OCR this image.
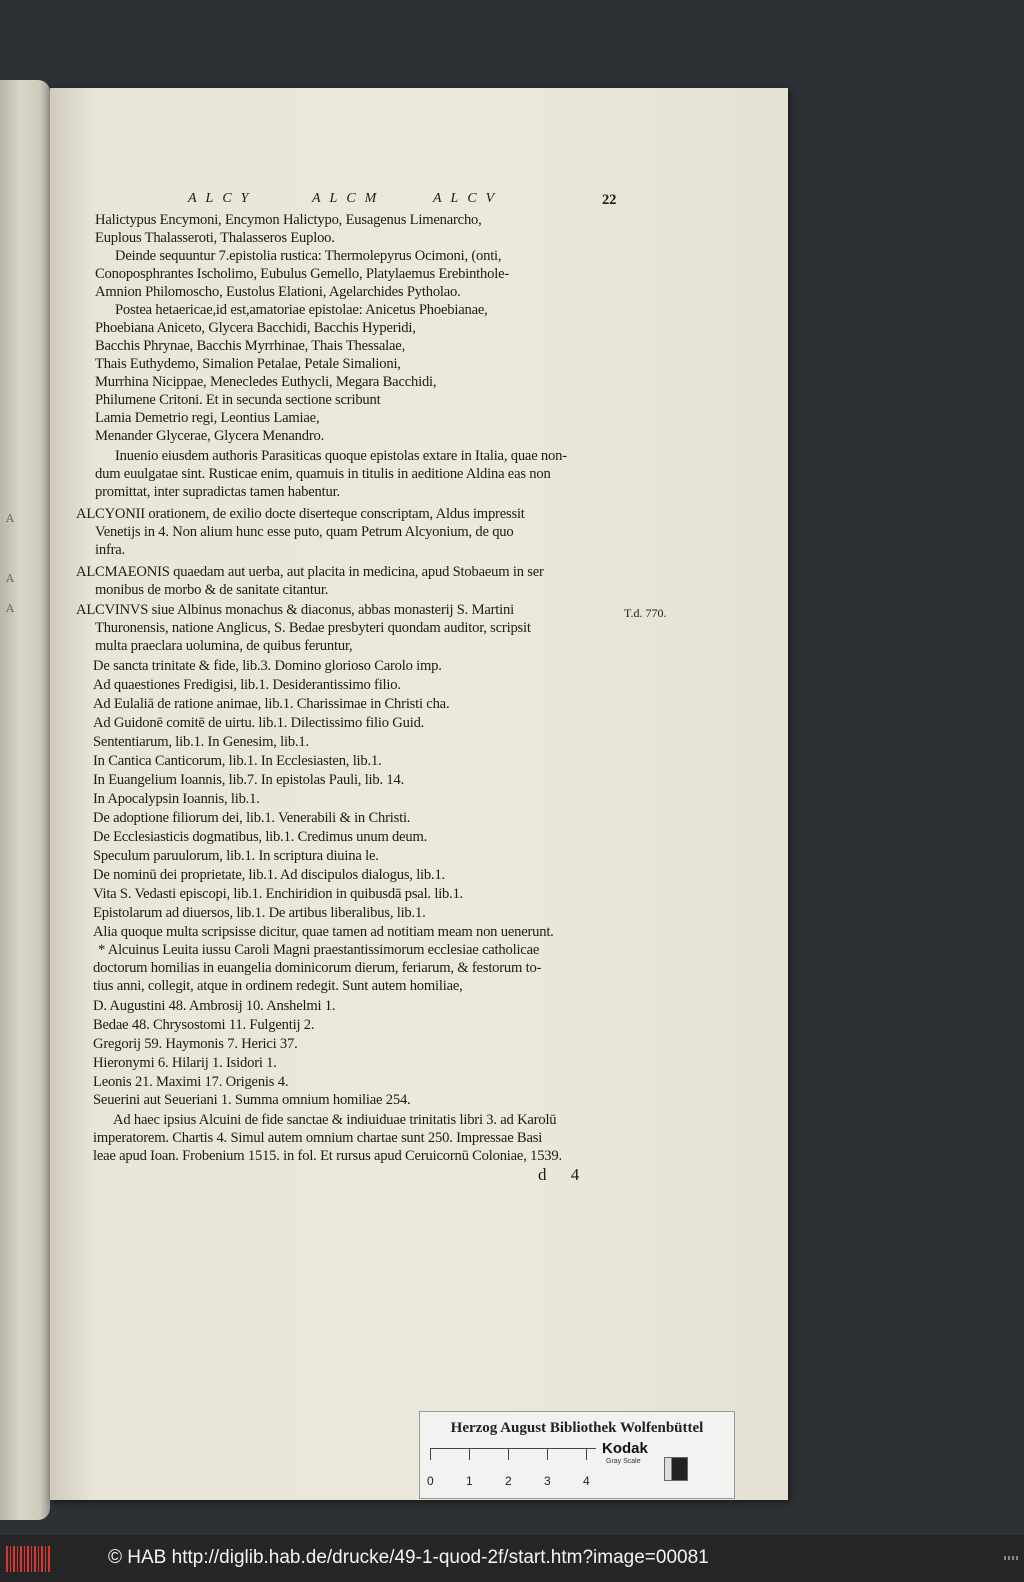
A
A
A
ALCY	ALCM	ALCV	22
Halictypus Encymoni, Encymon Halictypo, Eusagenus Limenarcho,
Euplous Thalasseroti, Thalasseros Euploo.
Deinde sequuntur 7.epistolia rustica: Thermolepyrus Ocimoni, (onti,
Conoposphrantes Ischolimo, Eubulus Gemello, Platylaemus Erebinthole-
Amnion Philomoscho, Eustolus Elationi, Agelarchides Pytholao.
Postea hetaericae,id est,amatoriae epistolae: Anicetus Phoebianae,
Phoebiana Aniceto, Glycera Bacchidi, Bacchis Hyperidi,
Bacchis Phrynae, Bacchis Myrrhinae, Thais Thessalae,
Thais Euthydemo, Simalion Petalae, Petale Simalioni,
Murrhina Nicippae, Menecledes Euthycli, Megara Bacchidi,
Philumene Critoni. Et in secunda sectione scribunt
Lamia Demetrio regi, Leontius Lamiae,
Menander Glycerae, Glycera Menandro.
Inuenio eiusdem authoris Parasiticas quoque epistolas extare in Italia, quae non-
dum euulgatae sint. Rusticae enim, quamuis in titulis in aeditione Aldina eas non
promittat, inter supradictas tamen habentur.
ALCYONII orationem, de exilio docte diserteque conscriptam, Aldus impressit
Venetijs in 4. Non alium hunc esse puto, quam Petrum Alcyonium, de quo
infra.
ALCMAEONIS quaedam aut uerba, aut placita in medicina, apud Stobaeum in ser
monibus de morbo & de sanitate citantur.
ALCVINVS siue Albinus monachus & diaconus, abbas monasterij S. Martini
Thuronensis, natione Anglicus, S. Bedae presbyteri quondam auditor, scripsit
multa praeclara uolumina, de quibus feruntur,
De sancta trinitate & fide, lib.3. Domino glorioso Carolo imp.
Ad quaestiones Fredigisi, lib.1. Desiderantissimo filio.
Ad Eulaliā de ratione animae, lib.1. Charissimae in Christi cha.
Ad Guidonē comitē de uirtu. lib.1. Dilectissimo filio Guid.
Sententiarum, lib.1. In Genesim, lib.1.
In Cantica Canticorum, lib.1. In Ecclesiasten, lib.1.
In Euangelium Ioannis, lib.7. In epistolas Pauli, lib. 14.
In Apocalypsin Ioannis, lib.1.
De adoptione filiorum dei, lib.1. Venerabili & in Christi.
De Ecclesiasticis dogmatibus, lib.1. Credimus unum deum.
Speculum paruulorum, lib.1. In scriptura diuina le.
De nominū dei proprietate, lib.1. Ad discipulos dialogus, lib.1.
Vita S. Vedasti episcopi, lib.1. Enchiridion in quibusdā psal. lib.1.
Epistolarum ad diuersos, lib.1. De artibus liberalibus, lib.1.
Alia quoque multa scripsisse dicitur, quae tamen ad notitiam meam non uenerunt.
* Alcuinus Leuita iussu Caroli Magni praestantissimorum ecclesiae catholicae
doctorum homilias in euangelia dominicorum dierum, feriarum, & festorum to-
tius anni, collegit, atque in ordinem redegit. Sunt autem homiliae,
D. Augustini 48. Ambrosij 10. Anshelmi 1.
Bedae 48. Chrysostomi 11. Fulgentij 2.
Gregorij 59. Haymonis 7. Herici 37.
Hieronymi 6. Hilarij 1. Isidori 1.
Leonis 21. Maximi 17. Origenis 4.
Seuerini aut Seueriani 1. Summa omnium homiliae 254.
Ad haec ipsius Alcuini de fide sanctae & indiuiduae trinitatis libri 3. ad Karolū
imperatorem. Chartis 4. Simul autem omnium chartae sunt 250. Impressae Basi
leae apud Ioan. Frobenium 1515. in fol. Et rursus apud Ceruicornū Coloniae, 1539.
T.d. 770.
d 4
Herzog August Bibliothek Wolfenbüttel
0	1	2	3	4
Kodak
Gray Scale
© HAB http://diglib.hab.de/drucke/49-1-quod-2f/start.htm?image=00081
